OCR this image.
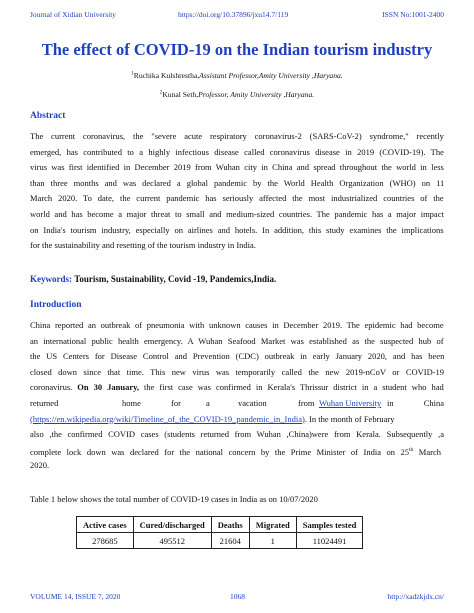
Journal of Xidian University	https://doi.org/10.37896/jxu14.7/119	ISSN No:1001-2400
The effect of COVID-19 on the Indian tourism industry
$^1$Ruchika Kulshrestha,Assistant Professor,Amity University ,Haryana.
$^2$Kunal Seth,Professor, Amity University ,Haryana.
Abstract
The current coronavirus, the "severe acute respiratory coronavirus-2 (SARS-CoV-2) syndrome," recently
emerged, has contributed to a highly infectious disease called coronavirus disease in 2019 (COVID-19). The
virus was first identified in December 2019 from Wuhan city in China and spread throughout the world in less
than three months and was declared a global pandemic by the World Health Organization (WHO) on 11
March 2020. To date, the current pandemic has seriously affected the most industrialized countries of the
world and has become a major threat to small and medium-sized countries. The pandemic has a major impact
on India's tourism industry, especially on airlines and hotels. In addition, this study examines the implications
for the sustainability and resetting of the tourism industry in India.
Keywords: Tourism, Sustainability, Covid -19, Pandemics,India.
Introduction
China reported an outbreak of pneumonia with unknown causes in December 2019. The epidemic had become
an international public health emergency. A Wuhan Seafood Market was established as the suspected hub of
the US Centers for Disease Control and Prevention (CDC) outbreak in early January 2020, and has been
closed down since that time. This new virus was temporarily called the new 2019-nCoV or COVID-19
coronavirus. On 30 January, the first case was confirmed in Kerala's Thrissur district in a student who had
returned	home	for	a	vacation	from Wuhan University in	China
(https://en.wikipedia.org/wiki/Timeline_of_the_COVID-19_pandemic_in_India). In the month of February
also ,the confirmed COVID cases (students returned from Wuhan ,China)were from Kerala. Subsequently ,a
complete lock down was declared for the national concern by the Prime Minister of India on 25th March
2020.
Table 1 below shows the total number of COVID-19 cases in India as on 10/07/2020
Active cases	Cured/discharged	Deaths	Migrated	Samples tested
278685	495512	21604	1	11024491
VOLUME 14, ISSUE 7, 2020	1068	http://xadzkjdx.cn/
